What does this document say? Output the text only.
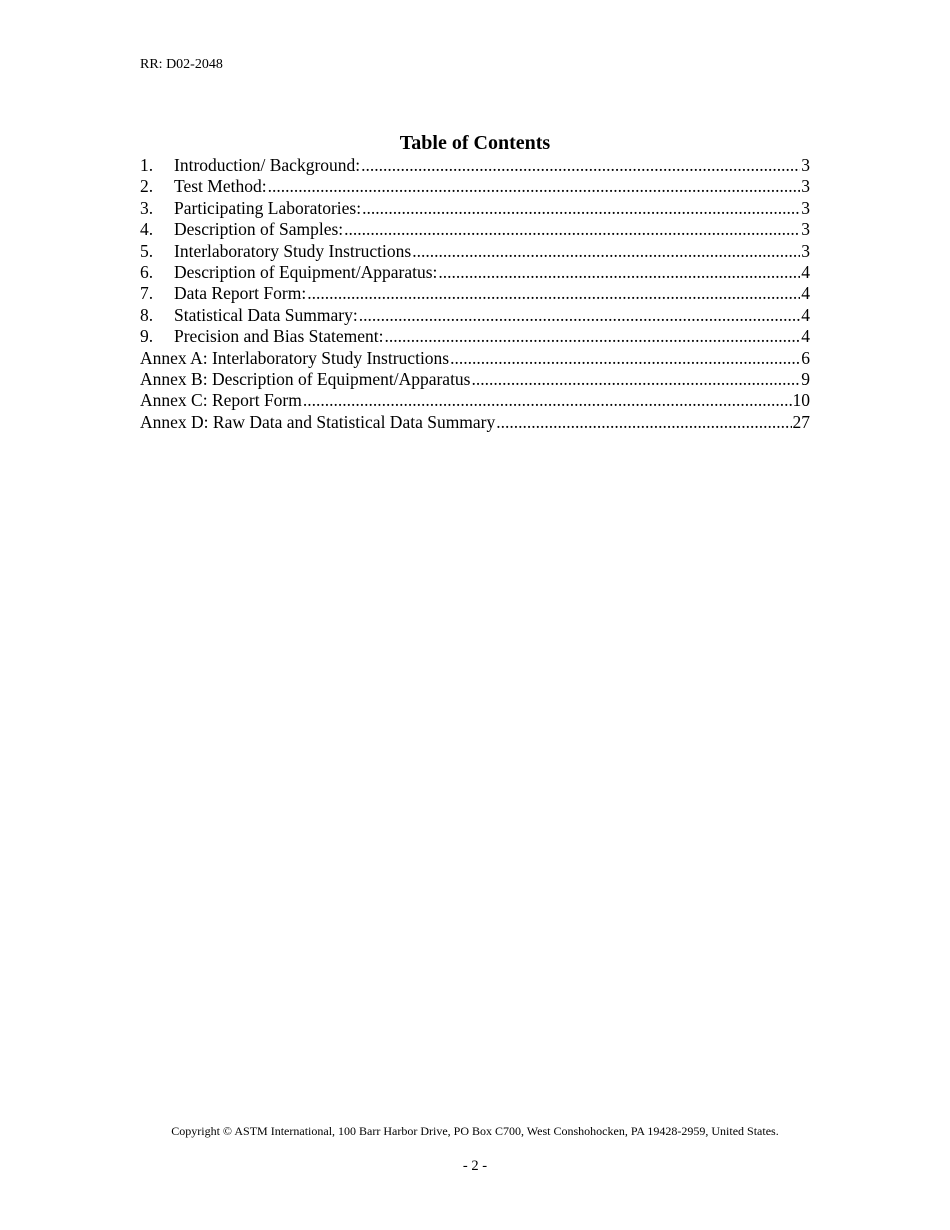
RR: D02-2048
Table of Contents
1.	Introduction/ Background: .....	3
2.	Test Method: .....	3
3.	Participating Laboratories: .....	3
4.	Description of Samples: .....	3
5.	Interlaboratory Study Instructions .....	3
6.	Description of Equipment/Apparatus: .....	4
7.	Data Report Form: .....	4
8.	Statistical Data Summary: .....	4
9.	Precision and Bias Statement: .....	4
Annex A: Interlaboratory Study Instructions .....	6
Annex B: Description of Equipment/Apparatus .....	9
Annex C: Report Form .....	10
Annex D: Raw Data and Statistical Data Summary .....	27
Copyright © ASTM International, 100 Barr Harbor Drive, PO Box C700, West Conshohocken, PA 19428-2959, United States.
- 2 -
